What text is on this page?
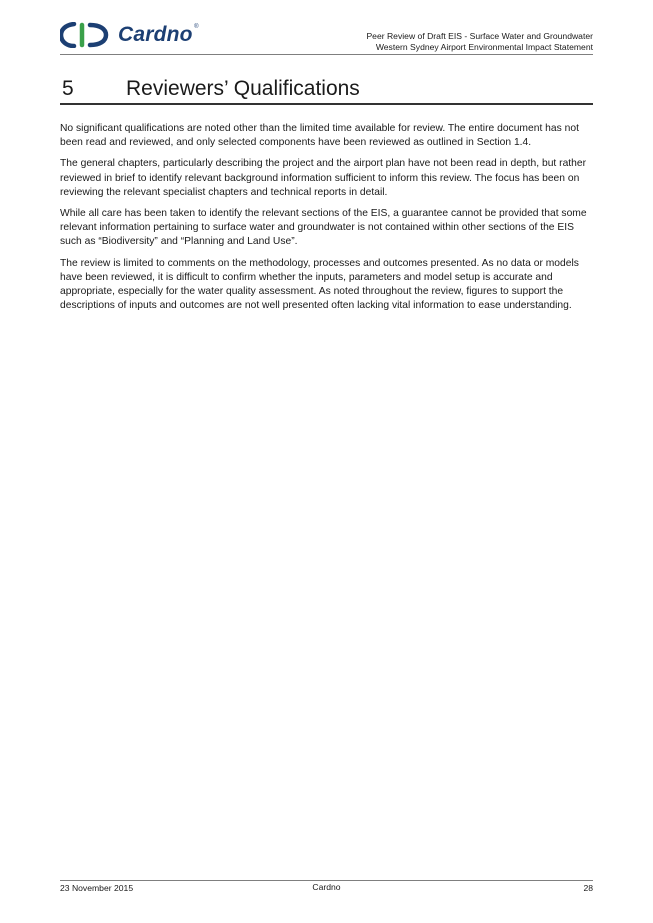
Cardno ®
Peer Review of Draft EIS - Surface Water and Groundwater
Western Sydney Airport Environmental Impact Statement
5 Reviewers’ Qualifications

No significant qualifications are noted other than the limited time available for review. The entire document has not been read and reviewed, and only selected components have been reviewed as outlined in Section 1.4.

The general chapters, particularly describing the project and the airport plan have not been read in depth, but rather reviewed in brief to identify relevant background information sufficient to inform this review. The focus has been on reviewing the relevant specialist chapters and technical reports in detail.

While all care has been taken to identify the relevant sections of the EIS, a guarantee cannot be provided that some relevant information pertaining to surface water and groundwater is not contained within other sections of the EIS such as “Biodiversity” and “Planning and Land Use”.

The review is limited to comments on the methodology, processes and outcomes presented. As no data or models have been reviewed, it is difficult to confirm whether the inputs, parameters and model setup is accurate and appropriate, especially for the water quality assessment. As noted throughout the review, figures to support the descriptions of inputs and outcomes are not well presented often lacking vital information to ease understanding.

23 November 2015	Cardno	28
